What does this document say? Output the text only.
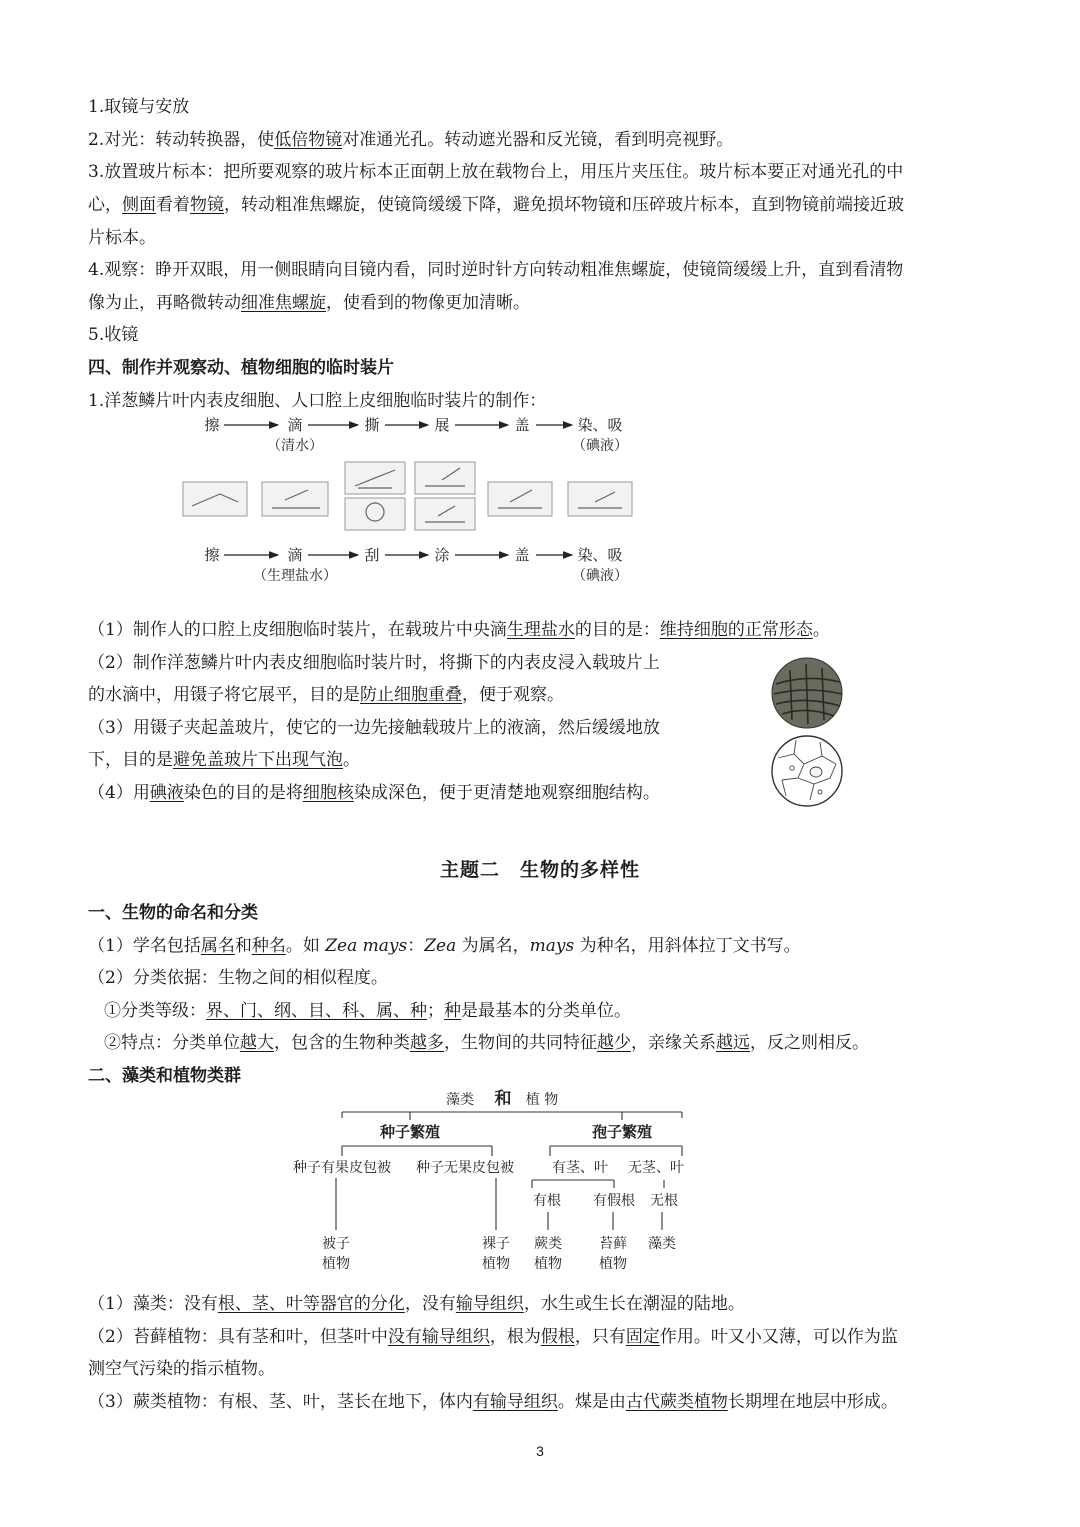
1.取镜与安放
2.对光：转动转换器，使低倍物镜对准通光孔。转动遮光器和反光镜，看到明亮视野。
3.放置玻片标本：把所要观察的玻片标本正面朝上放在载物台上，用压片夹压住。玻片标本要正对通光孔的中
心，侧面看着物镜，转动粗准焦螺旋，使镜筒缓缓下降，避免损坏物镜和压碎玻片标本，直到物镜前端接近玻
片标本。
4.观察：睁开双眼，用一侧眼睛向目镜内看，同时逆时针方向转动粗准焦螺旋，使镜筒缓缓上升，直到看清物
像为止，再略微转动细准焦螺旋，使看到的物像更加清晰。
5.收镜
四、制作并观察动、植物细胞的临时装片
1.洋葱鳞片叶内表皮细胞、人口腔上皮细胞临时装片的制作：
擦	滴	撕	展	盖	染、吸
（清水）	（碘液）
擦	滴	刮	涂	盖	染、吸
（生理盐水）	（碘液）
（1）制作人的口腔上皮细胞临时装片，在载玻片中央滴生理盐水的目的是：维持细胞的正常形态。
（2）制作洋葱鳞片叶内表皮细胞临时装片时，将撕下的内表皮浸入载玻片上
的水滴中，用镊子将它展平，目的是防止细胞重叠，便于观察。
（3）用镊子夹起盖玻片，使它的一边先接触载玻片上的液滴，然后缓缓地放
下，目的是避免盖玻片下出现气泡。
（4）用碘液染色的目的是将细胞核染成深色，便于更清楚地观察细胞结构。
主题二　生物的多样性
一、生物的命名和分类
（1）学名包括属名和种名。如 Zea mays：Zea 为属名，mays 为种名，用斜体拉丁文书写。
（2）分类依据：生物之间的相似程度。
①分类等级：界、门、纲、目、科、属、种；种是最基本的分类单位。
②特点：分类单位越大，包含的生物种类越多，生物间的共同特征越少，亲缘关系越远，反之则相反。
二、藻类和植物类群
藻类 和 植 物
种子繁殖	孢子繁殖
种子有果皮包被 种子无果皮包被	有茎、叶 无茎、叶
有根 有假根 无根
被子
植物
裸子
植物
蕨类
植物
苔藓
植物
藻类
（1）藻类：没有根、茎、叶等器官的分化，没有输导组织，水生或生长在潮湿的陆地。
（2）苔藓植物：具有茎和叶，但茎叶中没有输导组织，根为假根，只有固定作用。叶又小又薄，可以作为监
测空气污染的指示植物。
（3）蕨类植物：有根、茎、叶，茎长在地下，体内有输导组织。煤是由古代蕨类植物长期埋在地层中形成。
3
